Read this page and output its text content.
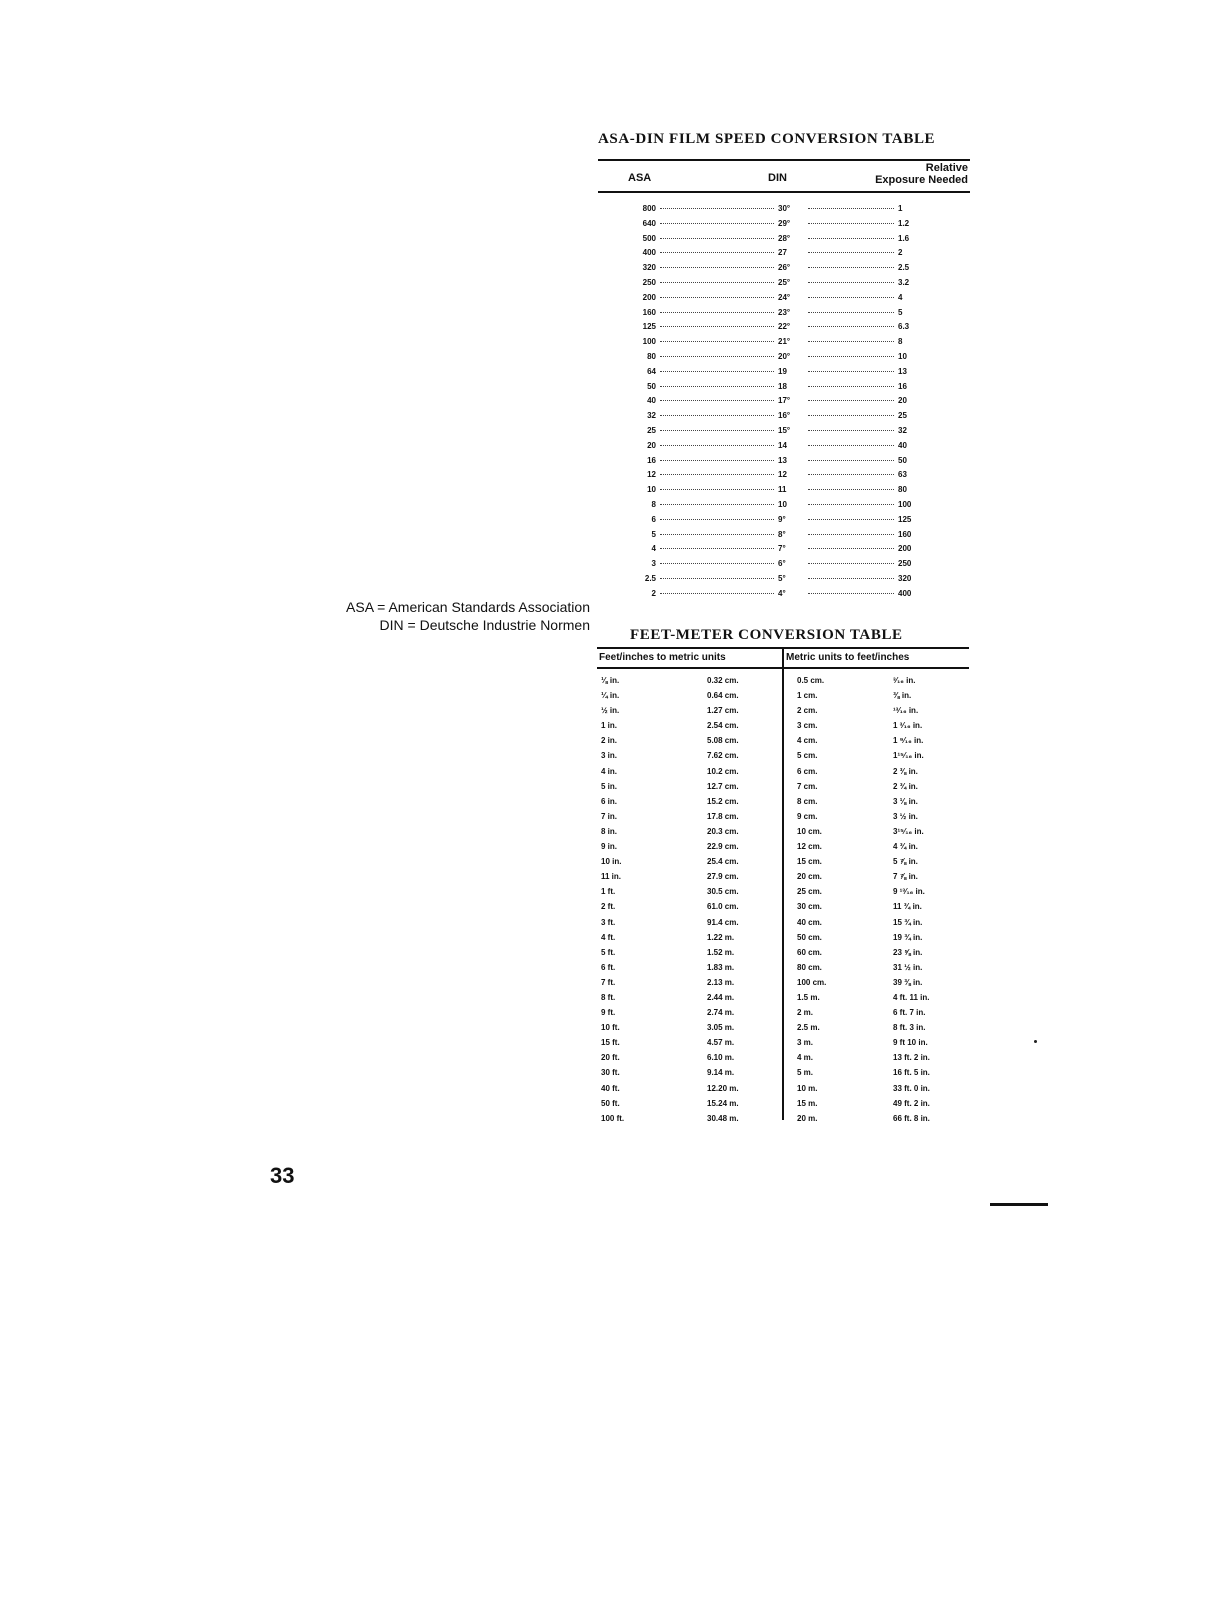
ASA-DIN FILM SPEED CONVERSION TABLE
ASA	DIN
Relative
Exposure Needed
800	30°	1
640	29°	1.2
500	28°	1.6
400	27	2
320	26°	2.5
250	25°	3.2
200	24°	4
160	23°	5
125	22°	6.3
100	21°	8
80	20°	10
64	19	13
50	18	16
40	17°	20
32	16°	25
25	15°	32
20	14	40
16	13	50
12	12	63
10	11	80
8	10	100
6	9°	125
5	8°	160
4	7°	200
3	6°	250
2.5	5°	320
2	4°	400
ASA = American Standards Association
DIN = Deutsche Industrie Normen
FEET-METER CONVERSION TABLE
Feet/inches to metric units	Metric units to feet/inches
⅛ in.	0.32 cm.	0.5 cm.	³⁄₁₆ in.
¼ in.	0.64 cm.	1 cm.	⅜ in.
½ in.	1.27 cm.	2 cm.	¹³⁄₁₆ in.
1 in.	2.54 cm.	3 cm.	1 ³⁄₁₆ in.
2 in.	5.08 cm.	4 cm.	1 ⁹⁄₁₆ in.
3 in.	7.62 cm.	5 cm.	1¹⁵⁄₁₆ in.
4 in.	10.2 cm.	6 cm.	2 ⅜ in.
5 in.	12.7 cm.	7 cm.	2 ¾ in.
6 in.	15.2 cm.	8 cm.	3 ⅛ in.
7 in.	17.8 cm.	9 cm.	3 ½ in.
8 in.	20.3 cm.	10 cm.	3¹⁵⁄₁₆ in.
9 in.	22.9 cm.	12 cm.	4 ¾ in.
10 in.	25.4 cm.	15 cm.	5 ⅞ in.
11 in.	27.9 cm.	20 cm.	7 ⅞ in.
1 ft.	30.5 cm.	25 cm.	9 ¹³⁄₁₆ in.
2 ft.	61.0 cm.	30 cm.	11 ¾ in.
3 ft.	91.4 cm.	40 cm.	15 ¾ in.
4 ft.	1.22 m.	50 cm.	19 ¾ in.
5 ft.	1.52 m.	60 cm.	23 ⅝ in.
6 ft.	1.83 m.	80 cm.	31 ½ in.
7 ft.	2.13 m.	100 cm.	39 ⅜ in.
8 ft.	2.44 m.	1.5 m.	4 ft. 11 in.
9 ft.	2.74 m.	2 m.	6 ft. 7 in.
10 ft.	3.05 m.	2.5 m.	8 ft. 3 in.
15 ft.	4.57 m.	3 m.	9 ft 10 in.
20 ft.	6.10 m.	4 m.	13 ft. 2 in.
30 ft.	9.14 m.	5 m.	16 ft. 5 in.
40 ft.	12.20 m.	10 m.	33 ft. 0 in.
50 ft.	15.24 m.	15 m.	49 ft. 2 in.
100 ft.	30.48 m.	20 m.	66 ft. 8 in.
33
